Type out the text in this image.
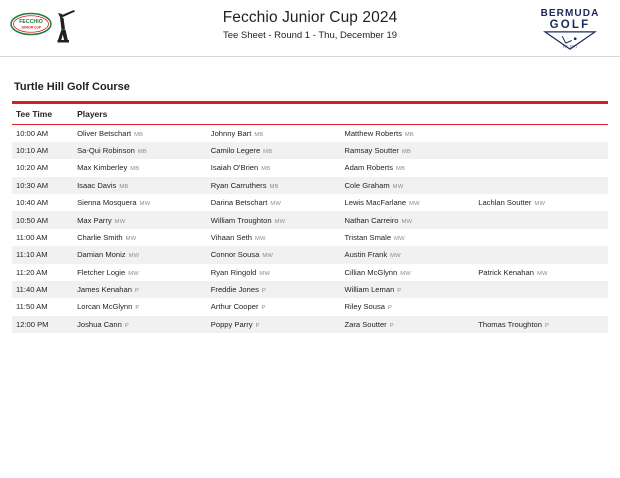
FECCHIO
JUNIOR CUP
Fecchio Junior Cup 2024
Tee Sheet - Round 1 - Thu, December 19
BERMUDA
GOLF
est. 1971
Turtle Hill Golf Course
Tee Time	Players			
10:00 AM	Oliver Betschart MB	Johnny Bart MB	Matthew Roberts MB	
10:10 AM	Sa-Qui Robinson MB	Camilo Legere MB	Ramsay Soutter MB	
10:20 AM	Max Kimberley MB	Isaiah O'Brien MB	Adam Roberts MB	
10:30 AM	Isaac Davis MB	Ryan Carruthers MB	Cole Graham MW	
10:40 AM	Sienna Mosquera MW	Darina Betschart MW	Lewis MacFarlane MW	Lachlan Soutter MW
10:50 AM	Max Parry MW	William Troughton MW	Nathan Carreiro MW	
11:00 AM	Charlie Smith MW	Vihaan Seth MW	Tristan Smale MW	
11:10 AM	Damian Moniz MW	Connor Sousa MW	Austin Frank MW	
11:20 AM	Fletcher Logie MW	Ryan Ringold MW	Cillian McGlynn MW	Patrick Kenahan MW
11:40 AM	James Kenahan P	Freddie Jones P	William Leman P	
11:50 AM	Lorcan McGlynn P	Arthur Cooper P	Riley Sousa P	
12:00 PM	Joshua Cann P	Poppy Parry P	Zara Soutter P	Thomas Troughton P
